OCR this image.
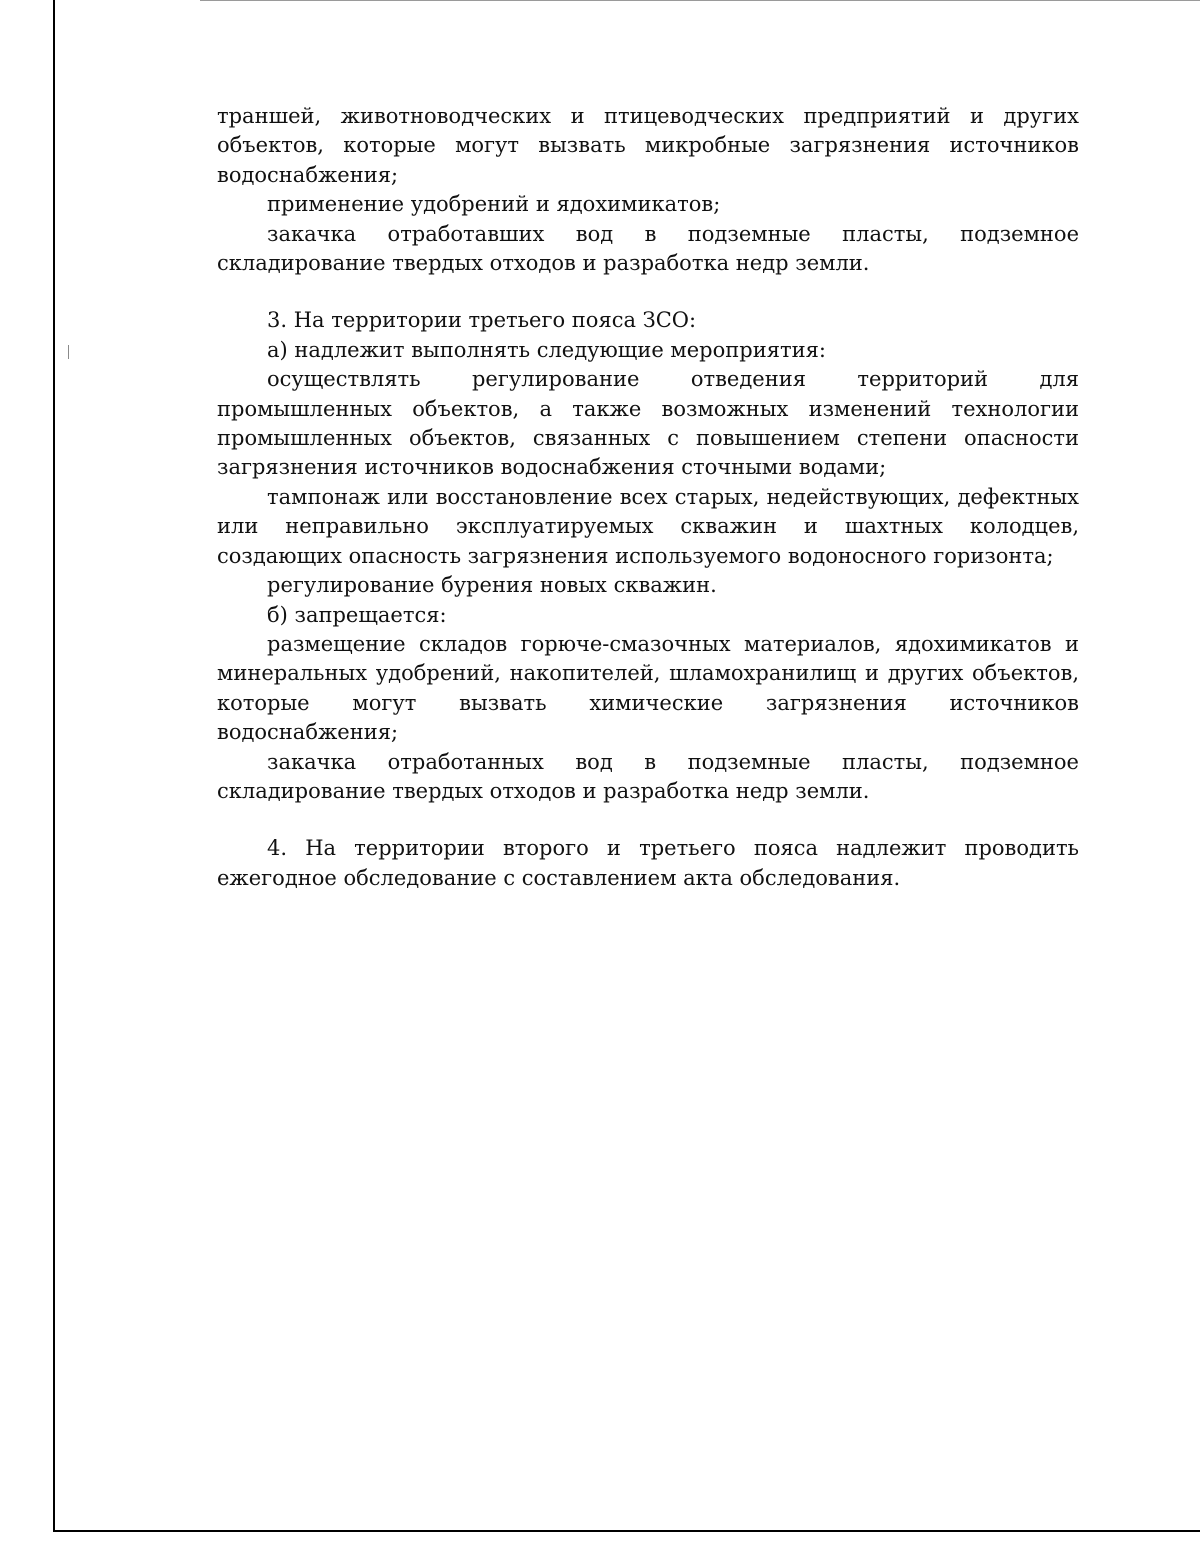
траншей, животноводческих и птицеводческих предприятий и других объектов, которые могут вызвать микробные загрязнения источников водоснабжения;

применение удобрений и ядохимикатов;

закачка отработавших вод в подземные пласты, подземное складирование твердых отходов и разработка недр земли.

3. На территории третьего пояса ЗСО:

а) надлежит выполнять следующие мероприятия:

осуществлять регулирование отведения территорий для промышленных объектов, а также возможных изменений технологии промышленных объектов, связанных с повышением степени опасности загрязнения источников водоснабжения сточными водами;

тампонаж или восстановление всех старых, недействующих, дефектных или неправильно эксплуатируемых скважин и шахтных колодцев, создающих опасность загрязнения используемого водоносного горизонта;

регулирование бурения новых скважин.

б) запрещается:

размещение складов горюче-смазочных материалов, ядохимикатов и минеральных удобрений, накопителей, шламохранилищ и других объектов, которые могут вызвать химические загрязнения источников водоснабжения;

закачка отработанных вод в подземные пласты, подземное складирование твердых отходов и разработка недр земли.

4. На территории второго и третьего пояса надлежит проводить ежегодное обследование с составлением акта обследования.
